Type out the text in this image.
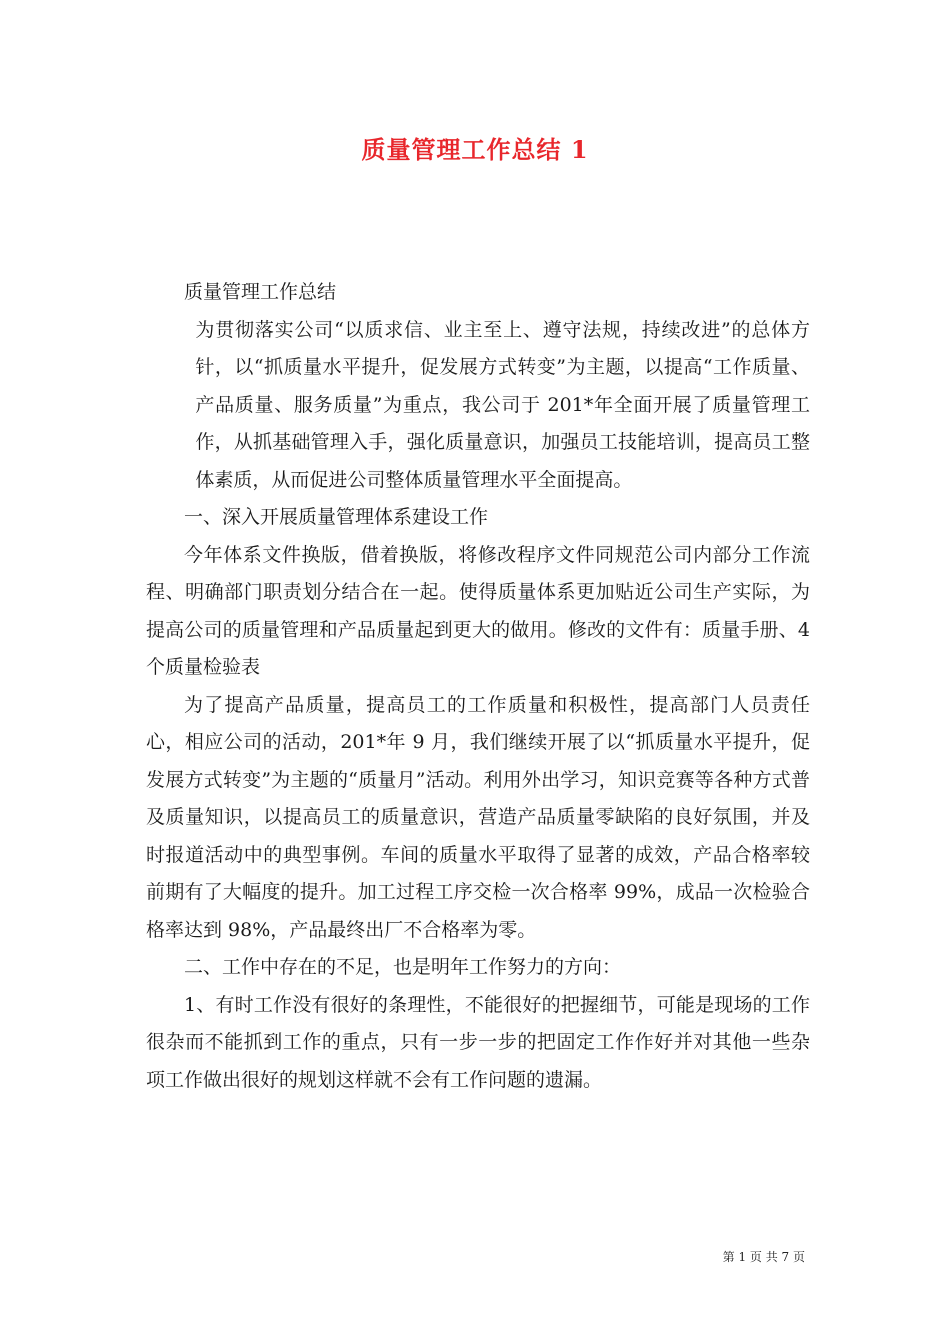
质量管理工作总结 1

质量管理工作总结

为贯彻落实公司“以质求信、业主至上、遵守法规，持续改进”的总体方针，以“抓质量水平提升，促发展方式转变”为主题，以提高“工作质量、产品质量、服务质量”为重点，我公司于 201*年全面开展了质量管理工作，从抓基础管理入手，强化质量意识，加强员工技能培训，提高员工整体素质，从而促进公司整体质量管理水平全面提高。

一、深入开展质量管理体系建设工作

今年体系文件换版，借着换版，将修改程序文件同规范公司内部分工作流程、明确部门职责划分结合在一起。使得质量体系更加贴近公司生产实际，为提高公司的质量管理和产品质量起到更大的做用。修改的文件有：质量手册、4 个质量检验表

为了提高产品质量，提高员工的工作质量和积极性，提高部门人员责任心，相应公司的活动，201*年 9 月，我们继续开展了以“抓质量水平提升，促发展方式转变”为主题的“质量月”活动。利用外出学习，知识竞赛等各种方式普及质量知识，以提高员工的质量意识，营造产品质量零缺陷的良好氛围，并及时报道活动中的典型事例。车间的质量水平取得了显著的成效，产品合格率较前期有了大幅度的提升。加工过程工序交检一次合格率 99%，成品一次检验合格率达到 98%，产品最终出厂不合格率为零。

二、工作中存在的不足，也是明年工作努力的方向：

1、有时工作没有很好的条理性，不能很好的把握细节，可能是现场的工作很杂而不能抓到工作的重点，只有一步一步的把固定工作作好并对其他一些杂项工作做出很好的规划这样就不会有工作问题的遗漏。

第 1 页 共 7 页
